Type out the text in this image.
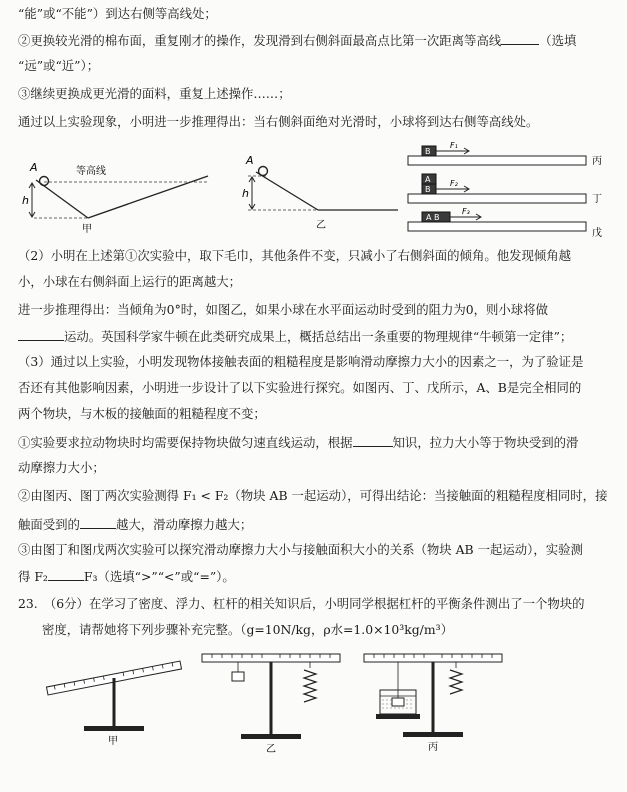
“能”或“不能”）到达右侧等高线处；
②更换较光滑的棉布面，重复刚才的操作，发现滑到右侧斜面最高点比第一次距离等高线	（选填
“远”或“近”）；
③继续更换成更光滑的面料，重复上述操作……；
通过以上实验现象，小明进一步推理得出：当右侧斜面绝对光滑时，小球将到达右侧等高线处。
A
h
等高线
甲
A
h
乙
B
F₁
丙
A
B
F₂
丁
A B
F₃
戊
（2）小明在上述第①次实验中，取下毛巾，其他条件不变，只减小了右侧斜面的倾角。他发现倾角越
小，小球在右侧斜面上运行的距离越大；
进一步推理得出：当倾角为0°时，如图乙，如果小球在水平面运动时受到的阻力为0，则小球将做
运动。英国科学家牛顿在此类研究成果上，概括总结出一条重要的物理规律“牛顿第一定律”；
（3）通过以上实验，小明发现物体接触表面的粗糙程度是影响滑动摩擦力大小的因素之一，为了验证是
否还有其他影响因素，小明进一步设计了以下实验进行探究。如图丙、丁、戊所示，A、B是完全相同的
两个物块，与木板的接触面的粗糙程度不变；
①实验要求拉动物块时均需要保持物块做匀速直线运动，根据	知识，拉力大小等于物块受到的滑
动摩擦力大小；
②由图丙、图丁两次实验测得 F₁ < F₂（物块 AB 一起运动），可得出结论：当接触面的粗糙程度相同时，接
触面受到的	越大，滑动摩擦力越大；
③由图丁和图戊两次实验可以探究滑动摩擦力大小与接触面积大小的关系（物块 AB 一起运动），实验测
得 F₂	F₃（选填“>”“<”或“=”）。
23.　（6分）在学习了密度、浮力、杠杆的相关知识后，小明同学根据杠杆的平衡条件测出了一个物块的
密度，请帮她将下列步骤补充完整。（g=10N/kg，ρ水=1.0×10³kg/m³）
甲
乙	丙
